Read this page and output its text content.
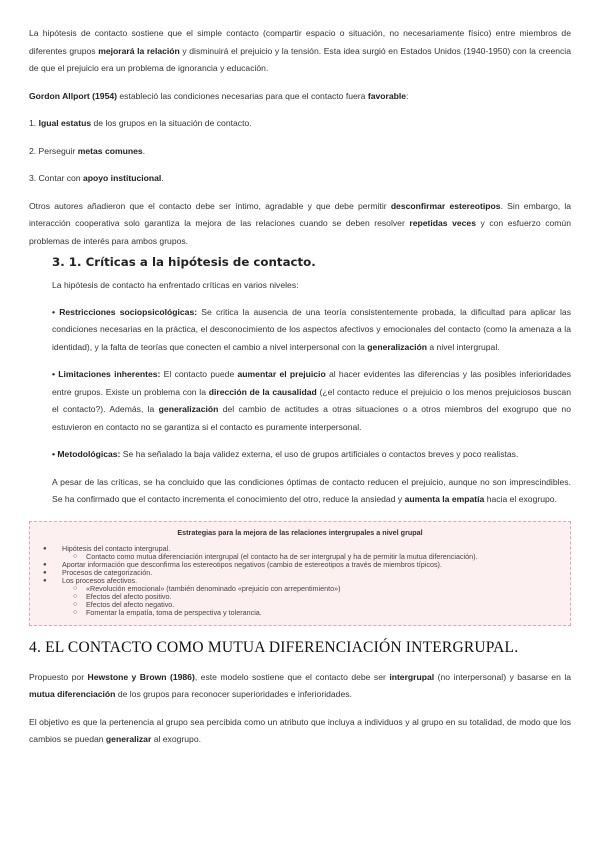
La hipótesis de contacto sostiene que el simple contacto (compartir espacio o situación, no necesariamente físico) entre miembros de diferentes grupos mejorará la relación y disminuirá el prejuicio y la tensión. Esta idea surgió en Estados Unidos (1940-1950) con la creencia de que el prejuicio era un problema de ignorancia y educación.

Gordon Allport (1954) estableció las condiciones necesarias para que el contacto fuera favorable:

1. Igual estatus de los grupos en la situación de contacto.

2. Perseguir metas comunes.

3. Contar con apoyo institucional.

Otros autores añadieron que el contacto debe ser íntimo, agradable y que debe permitir desconfirmar estereotipos. Sin embargo, la interacción cooperativa solo garantiza la mejora de las relaciones cuando se deben resolver repetidas veces y con esfuerzo común problemas de interés para ambos grupos.

3. 1. Críticas a la hipótesis de contacto.

La hipótesis de contacto ha enfrentado críticas en varios niveles:

• Restricciones sociopsicológicas: Se critica la ausencia de una teoría consistentemente probada, la dificultad para aplicar las condiciones necesarias en la práctica, el desconocimiento de los aspectos afectivos y emocionales del contacto (como la amenaza a la identidad), y la falta de teorías que conecten el cambio a nivel interpersonal con la generalización a nivel intergrupal.

• Limitaciones inherentes: El contacto puede aumentar el prejuicio al hacer evidentes las diferencias y las posibles inferioridades entre grupos. Existe un problema con la dirección de la causalidad (¿el contacto reduce el prejuicio o los menos prejuiciosos buscan el contacto?). Además, la generalización del cambio de actitudes a otras situaciones o a otros miembros del exogrupo que no estuvieron en contacto no se garantiza si el contacto es puramente interpersonal.

• Metodológicas: Se ha señalado la baja validez externa, el uso de grupos artificiales o contactos breves y poco realistas.

A pesar de las críticas, se ha concluido que las condiciones óptimas de contacto reducen el prejuicio, aunque no son imprescindibles. Se ha confirmado que el contacto incrementa el conocimiento del otro, reduce la ansiedad y aumenta la empatía hacia el exogrupo.

Estrategias para la mejora de las relaciones intergrupales a nivel grupal
● Hipótesis del contacto intergrupal.
○ Contacto como mutua diferenciación intergrupal (el contacto ha de ser intergrupal y ha de permitir la mutua diferenciación).
● Aportar información que desconfirma los estereotipos negativos (cambio de estereotipos a través de miembros típicos).
● Procesos de categorización.
● Los procesos afectivos.
○ «Revolución emocional» (también denominado «prejuicio con arrepentimiento»)
○ Efectos del afecto positivo.
○ Efectos del afecto negativo.
○ Fomentar la empatía, toma de perspectiva y tolerancia.
4. EL CONTACTO COMO MUTUA DIFERENCIACIÓN INTERGRUPAL.

Propuesto por Hewstone y Brown (1986), este modelo sostiene que el contacto debe ser intergrupal (no interpersonal) y basarse en la mutua diferenciación de los grupos para reconocer superioridades e inferioridades.

El objetivo es que la pertenencia al grupo sea percibida como un atributo que incluya a individuos y al grupo en su totalidad, de modo que los cambios se puedan generalizar al exogrupo.
